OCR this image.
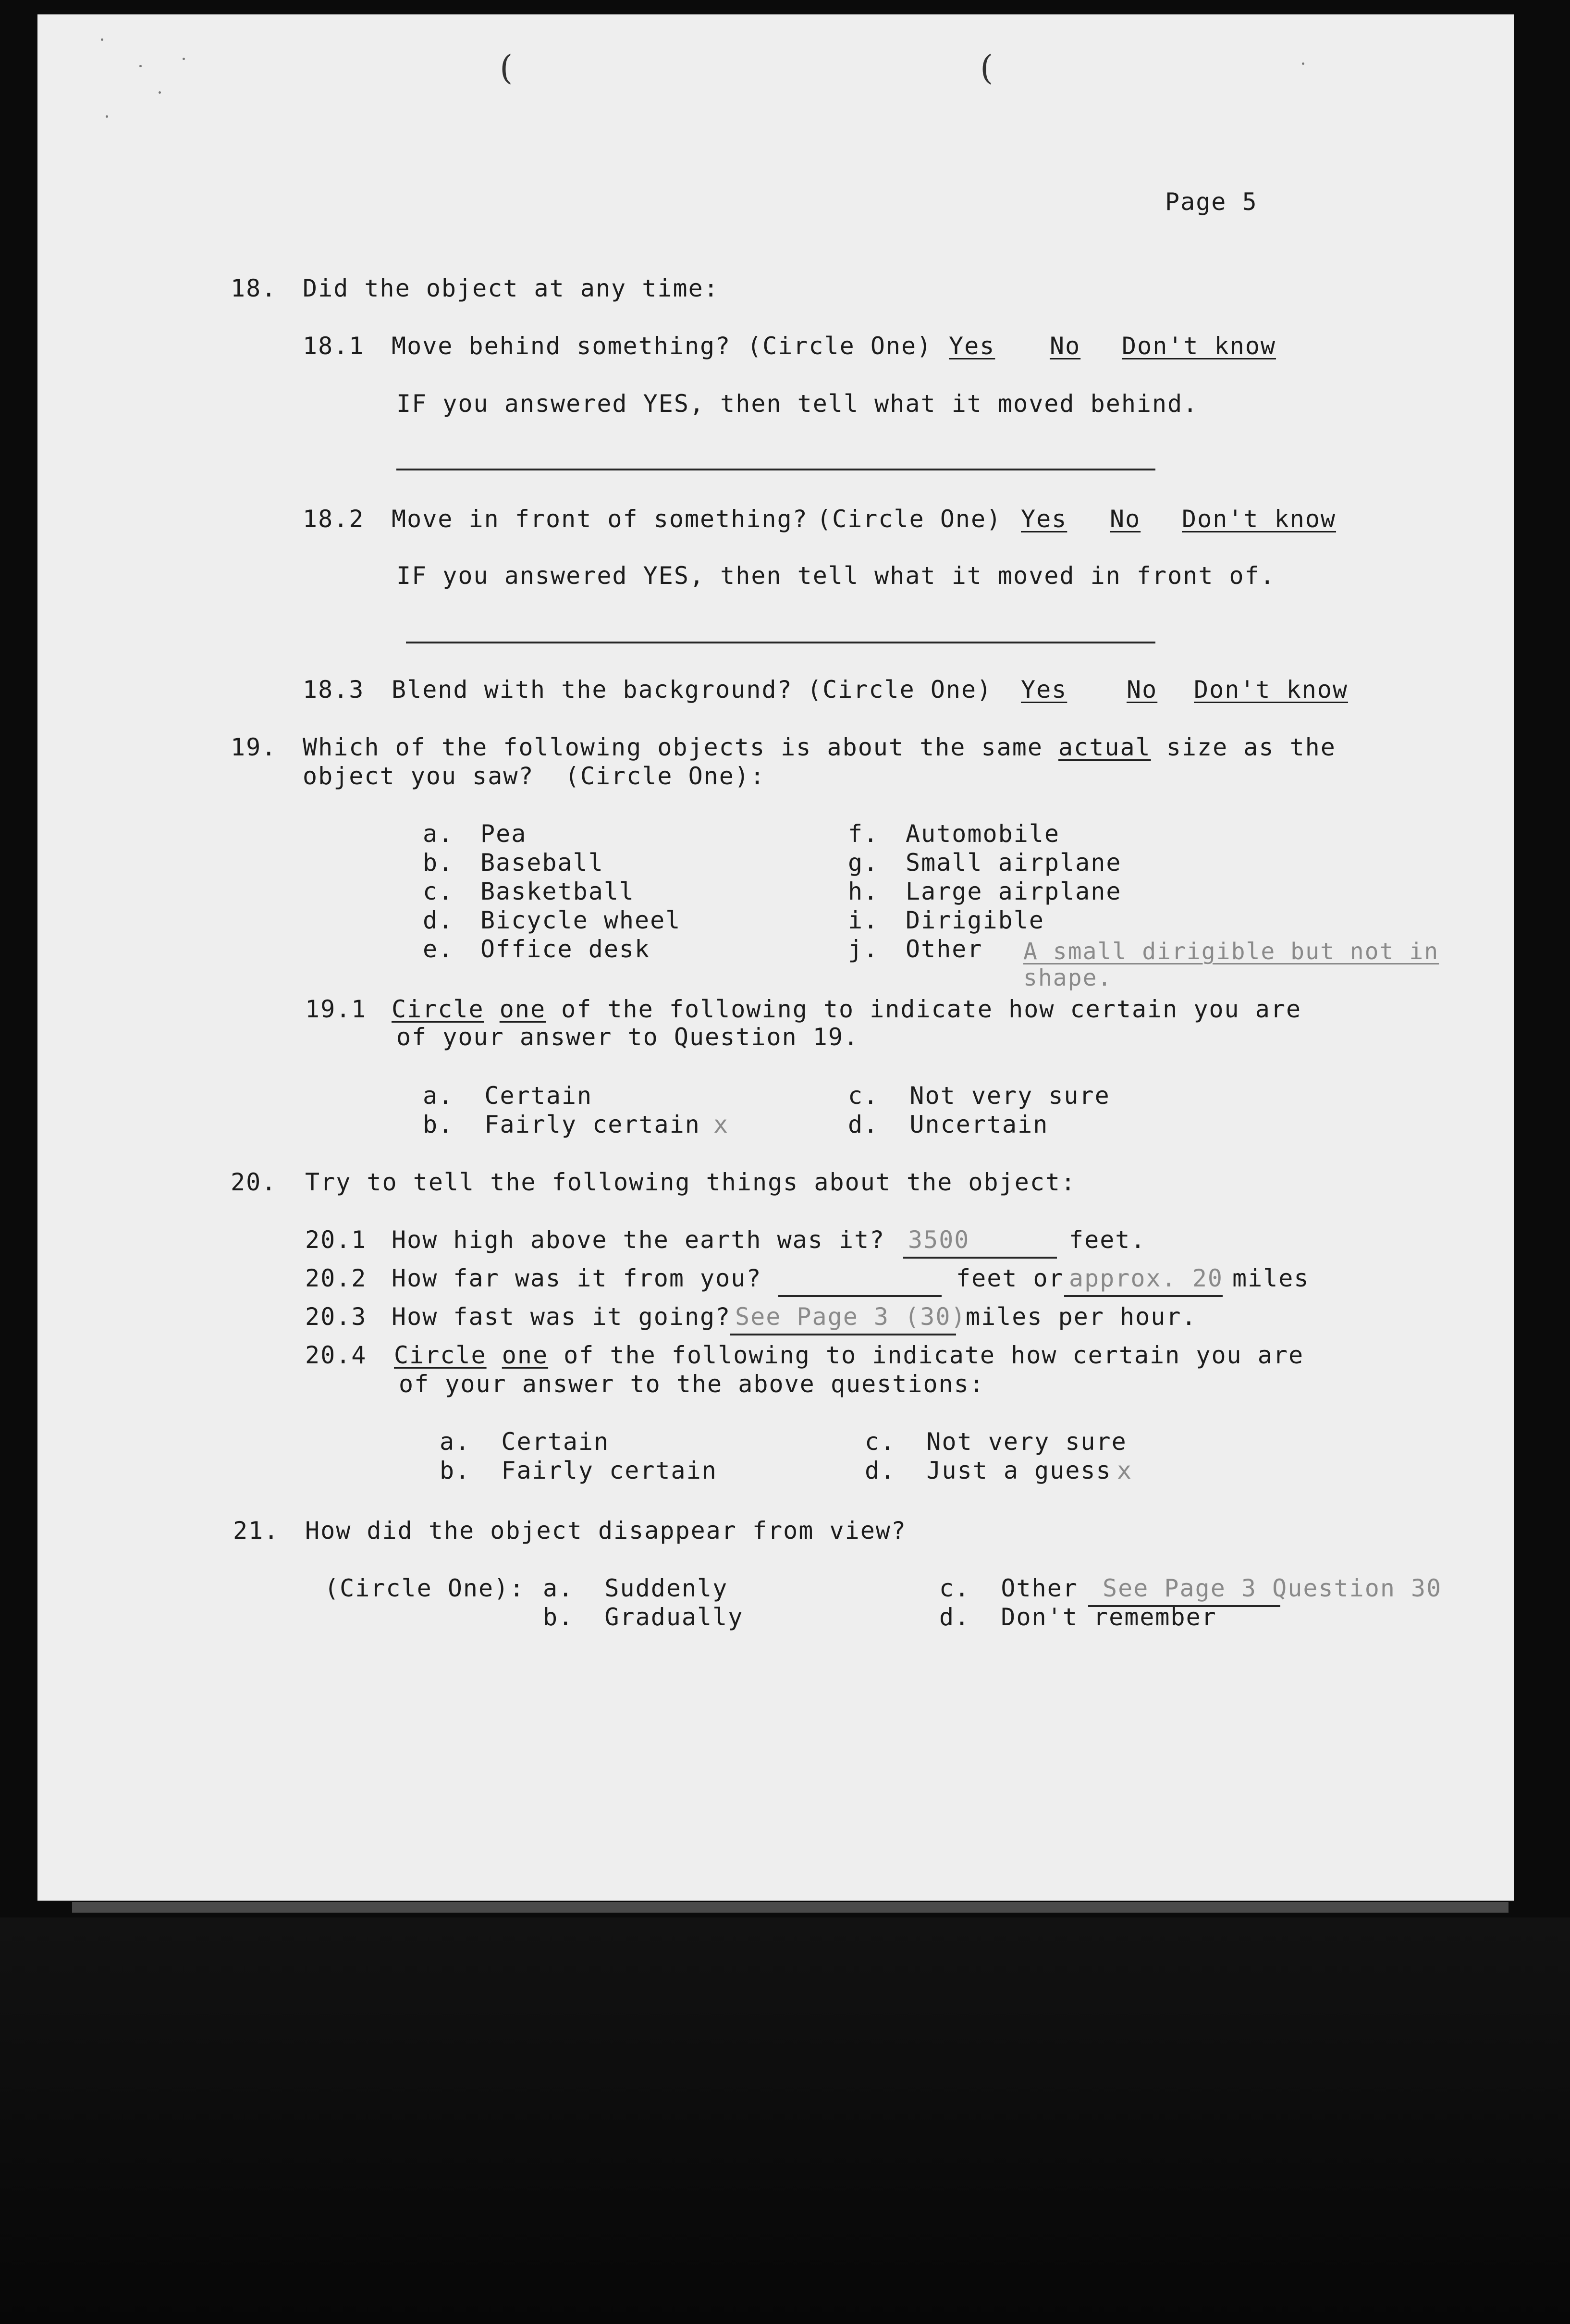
(	(
Page 5
18. Did the object at any time:
18.1 Move behind something? (Circle One) Yes No Don't know
IF you answered YES, then tell what it moved behind.
18.2 Move in front of something? (Circle One) Yes No Don't know
IF you answered YES, then tell what it moved in front of.
18.3 Blend with the background? (Circle One) Yes No Don't know
19. Which of the following objects is about the same actual size as the
object you saw?  (Circle One):
a. Pea
b. Baseball
c. Basketball
d. Bicycle wheel
e. Office desk
f. Automobile
g. Small airplane
h. Large airplane
i. Dirigible
j. Other A small dirigible but not in
shape.
19.1 Circle one of the following to indicate how certain you are
of your answer to Question 19.
a.  Certain
b.  Fairly certain x
c.  Not very sure
d.  Uncertain
20. Try to tell the following things about the object:
20.1 How high above the earth was it? 3500	feet.
20.2 How far was it from you?	feet or approx. 20 miles
20.3 How fast was it going? See Page 3 (30)
miles per hour.
20.4 Circle one of the following to indicate how certain you are
of your answer to the above questions:
a.  Certain
b.  Fairly certain
c.  Not very sure
d.  Just a guess x
21. How did the object disappear from view?
(Circle One): a.  Suddenly
b.  Gradually
c.  Other See Page 3 Question 30
d.  Don't remember
